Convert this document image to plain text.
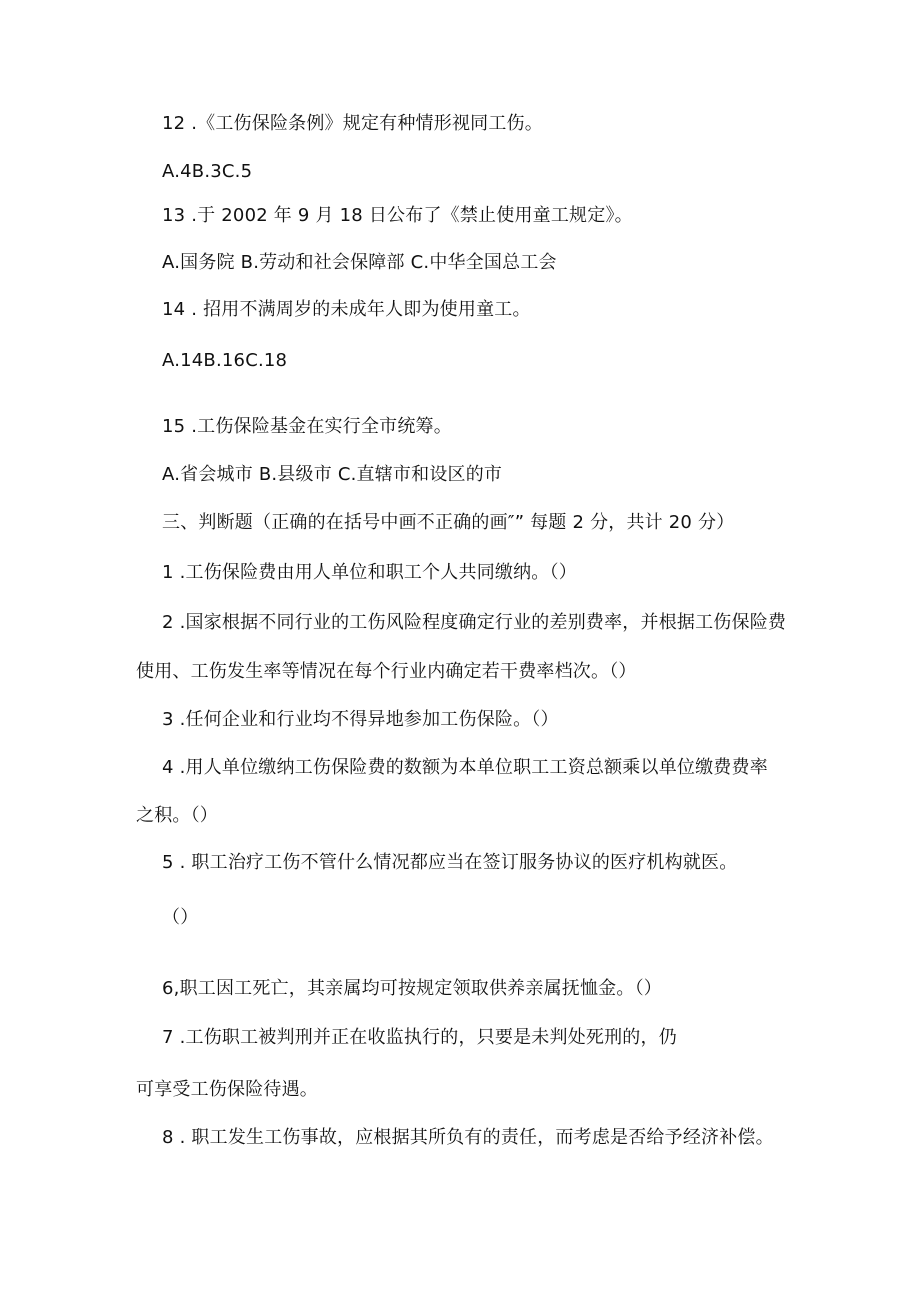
12 .《工伤保险条例》规定有种情形视同工伤。
A.4B.3C.5
13 .于 2002 年 9 月 18 日公布了《禁止使用童工规定》。
A.国务院 B.劳动和社会保障部 C.中华全国总工会
14 . 招用不满周岁的未成年人即为使用童工。
A.14B.16C.18
15 .工伤保险基金在实行全市统筹。
A.省会城市 B.县级市 C.直辖市和设区的市
三、判断题（正确的在括号中画不正确的画″” 每题 2 分，共计 20 分）
1 .工伤保险费由用人单位和职工个人共同缴纳。（）
2 .国家根据不同行业的工伤风险程度确定行业的差别费率，并根据工伤保险费
使用、工伤发生率等情况在每个行业内确定若干费率档次。（）
3 .任何企业和行业均不得异地参加工伤保险。（）
4 .用人单位缴纳工伤保险费的数额为本单位职工工资总额乘以单位缴费费率
之积。（）
5 . 职工治疗工伤不管什么情况都应当在签订服务协议的医疗机构就医。
（）
6,职工因工死亡，其亲属均可按规定领取供养亲属抚恤金。（）
7 .工伤职工被判刑并正在收监执行的，只要是未判处死刑的，仍
可享受工伤保险待遇。
8 . 职工发生工伤事故，应根据其所负有的责任，而考虑是否给予经济补偿。
